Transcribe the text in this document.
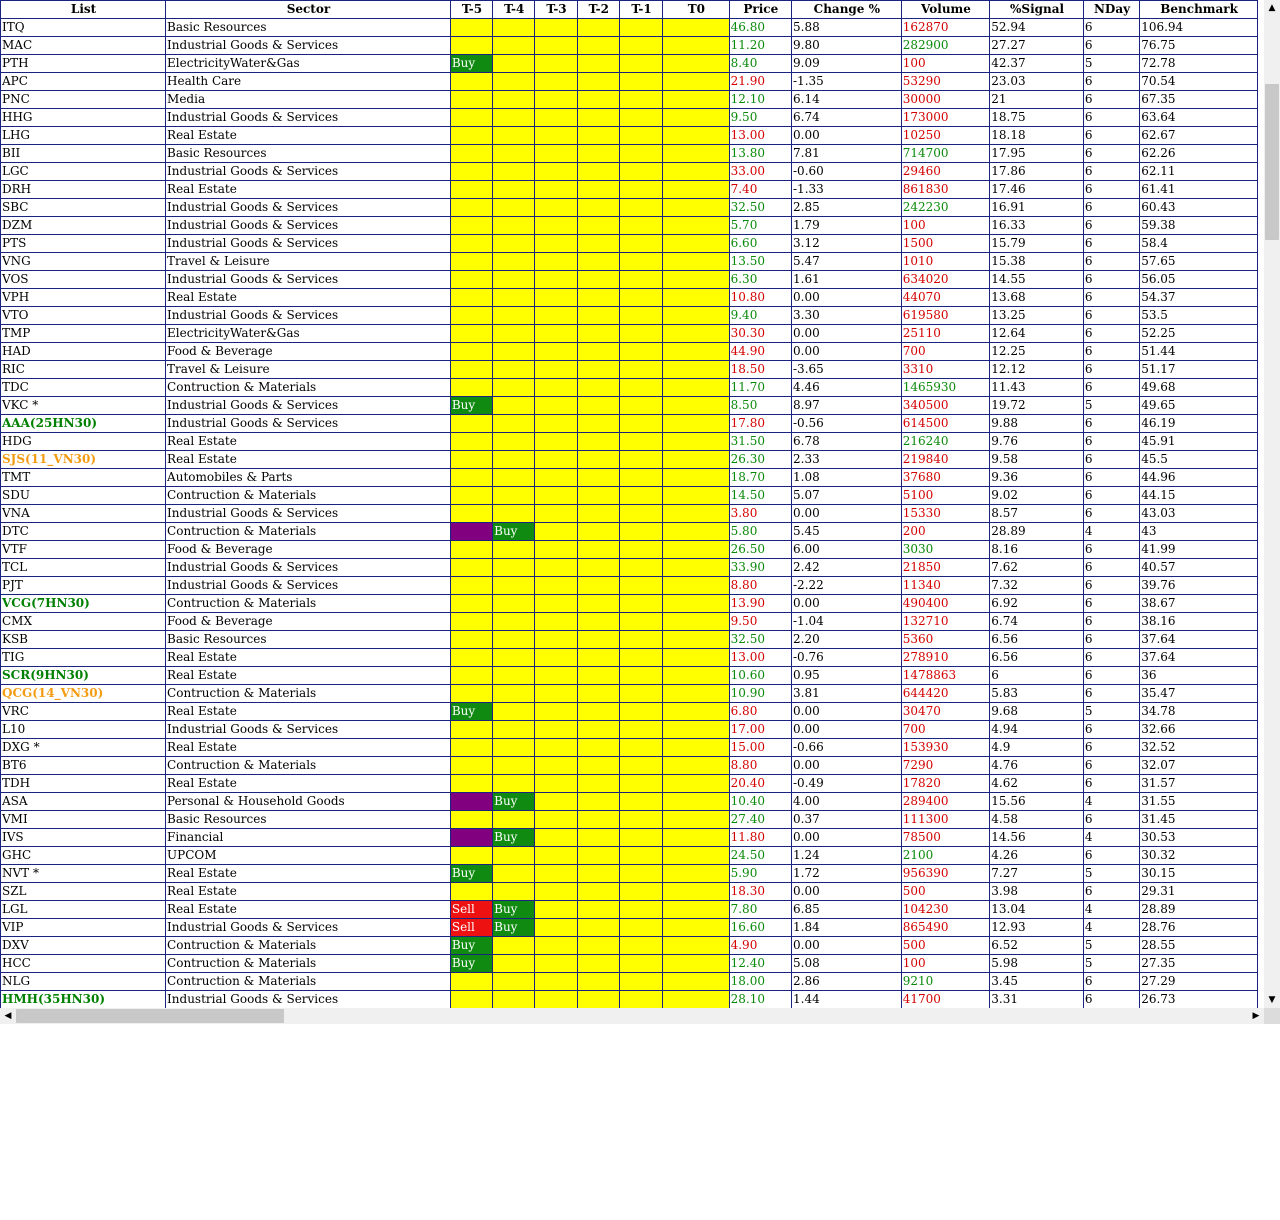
List	Sector	T-5	T-4	T-3	T-2	T-1	T0	Price	Change %	Volume	%Signal	NDay	Benchmark
ITQ	Basic Resources							46.80	5.88	162870	52.94	6	106.94
MAC	Industrial Goods & Services							11.20	9.80	282900	27.27	6	76.75
PTH	ElectricityWater&Gas	Buy						8.40	9.09	100	42.37	5	72.78
APC	Health Care							21.90	-1.35	53290	23.03	6	70.54
PNC	Media							12.10	6.14	30000	21	6	67.35
HHG	Industrial Goods & Services							9.50	6.74	173000	18.75	6	63.64
LHG	Real Estate							13.00	0.00	10250	18.18	6	62.67
BII	Basic Resources							13.80	7.81	714700	17.95	6	62.26
LGC	Industrial Goods & Services							33.00	-0.60	29460	17.86	6	62.11
DRH	Real Estate							7.40	-1.33	861830	17.46	6	61.41
SBC	Industrial Goods & Services							32.50	2.85	242230	16.91	6	60.43
DZM	Industrial Goods & Services							5.70	1.79	100	16.33	6	59.38
PTS	Industrial Goods & Services							6.60	3.12	1500	15.79	6	58.4
VNG	Travel & Leisure							13.50	5.47	1010	15.38	6	57.65
VOS	Industrial Goods & Services							6.30	1.61	634020	14.55	6	56.05
VPH	Real Estate							10.80	0.00	44070	13.68	6	54.37
VTO	Industrial Goods & Services							9.40	3.30	619580	13.25	6	53.5
TMP	ElectricityWater&Gas							30.30	0.00	25110	12.64	6	52.25
HAD	Food & Beverage							44.90	0.00	700	12.25	6	51.44
RIC	Travel & Leisure							18.50	-3.65	3310	12.12	6	51.17
TDC	Contruction & Materials							11.70	4.46	1465930	11.43	6	49.68
VKC *	Industrial Goods & Services	Buy						8.50	8.97	340500	19.72	5	49.65
AAA(25HN30)	Industrial Goods & Services							17.80	-0.56	614500	9.88	6	46.19
HDG	Real Estate							31.50	6.78	216240	9.76	6	45.91
SJS(11_VN30)	Real Estate							26.30	2.33	219840	9.58	6	45.5
TMT	Automobiles & Parts							18.70	1.08	37680	9.36	6	44.96
SDU	Contruction & Materials							14.50	5.07	5100	9.02	6	44.15
VNA	Industrial Goods & Services							3.80	0.00	15330	8.57	6	43.03
DTC	Contruction & Materials		Buy					5.80	5.45	200	28.89	4	43
VTF	Food & Beverage							26.50	6.00	3030	8.16	6	41.99
TCL	Industrial Goods & Services							33.90	2.42	21850	7.62	6	40.57
PJT	Industrial Goods & Services							8.80	-2.22	11340	7.32	6	39.76
VCG(7HN30)	Contruction & Materials							13.90	0.00	490400	6.92	6	38.67
CMX	Food & Beverage							9.50	-1.04	132710	6.74	6	38.16
KSB	Basic Resources							32.50	2.20	5360	6.56	6	37.64
TIG	Real Estate							13.00	-0.76	278910	6.56	6	37.64
SCR(9HN30)	Real Estate							10.60	0.95	1478863	6	6	36
QCG(14_VN30)	Contruction & Materials							10.90	3.81	644420	5.83	6	35.47
VRC	Real Estate	Buy						6.80	0.00	30470	9.68	5	34.78
L10	Industrial Goods & Services							17.00	0.00	700	4.94	6	32.66
DXG *	Real Estate							15.00	-0.66	153930	4.9	6	32.52
BT6	Contruction & Materials							8.80	0.00	7290	4.76	6	32.07
TDH	Real Estate							20.40	-0.49	17820	4.62	6	31.57
ASA	Personal & Household Goods		Buy					10.40	4.00	289400	15.56	4	31.55
VMI	Basic Resources							27.40	0.37	111300	4.58	6	31.45
IVS	Financial		Buy					11.80	0.00	78500	14.56	4	30.53
GHC	UPCOM							24.50	1.24	2100	4.26	6	30.32
NVT *	Real Estate	Buy						5.90	1.72	956390	7.27	5	30.15
SZL	Real Estate							18.30	0.00	500	3.98	6	29.31
LGL	Real Estate	Sell	Buy					7.80	6.85	104230	13.04	4	28.89
VIP	Industrial Goods & Services	Sell	Buy					16.60	1.84	865490	12.93	4	28.76
DXV	Contruction & Materials	Buy						4.90	0.00	500	6.52	5	28.55
HCC	Contruction & Materials	Buy						12.40	5.08	100	5.98	5	27.35
NLG	Contruction & Materials							18.00	2.86	9210	3.45	6	27.29
HMH(35HN30)	Industrial Goods & Services							28.10	1.44	41700	3.31	6	26.73
▲
▼
◀	▶
